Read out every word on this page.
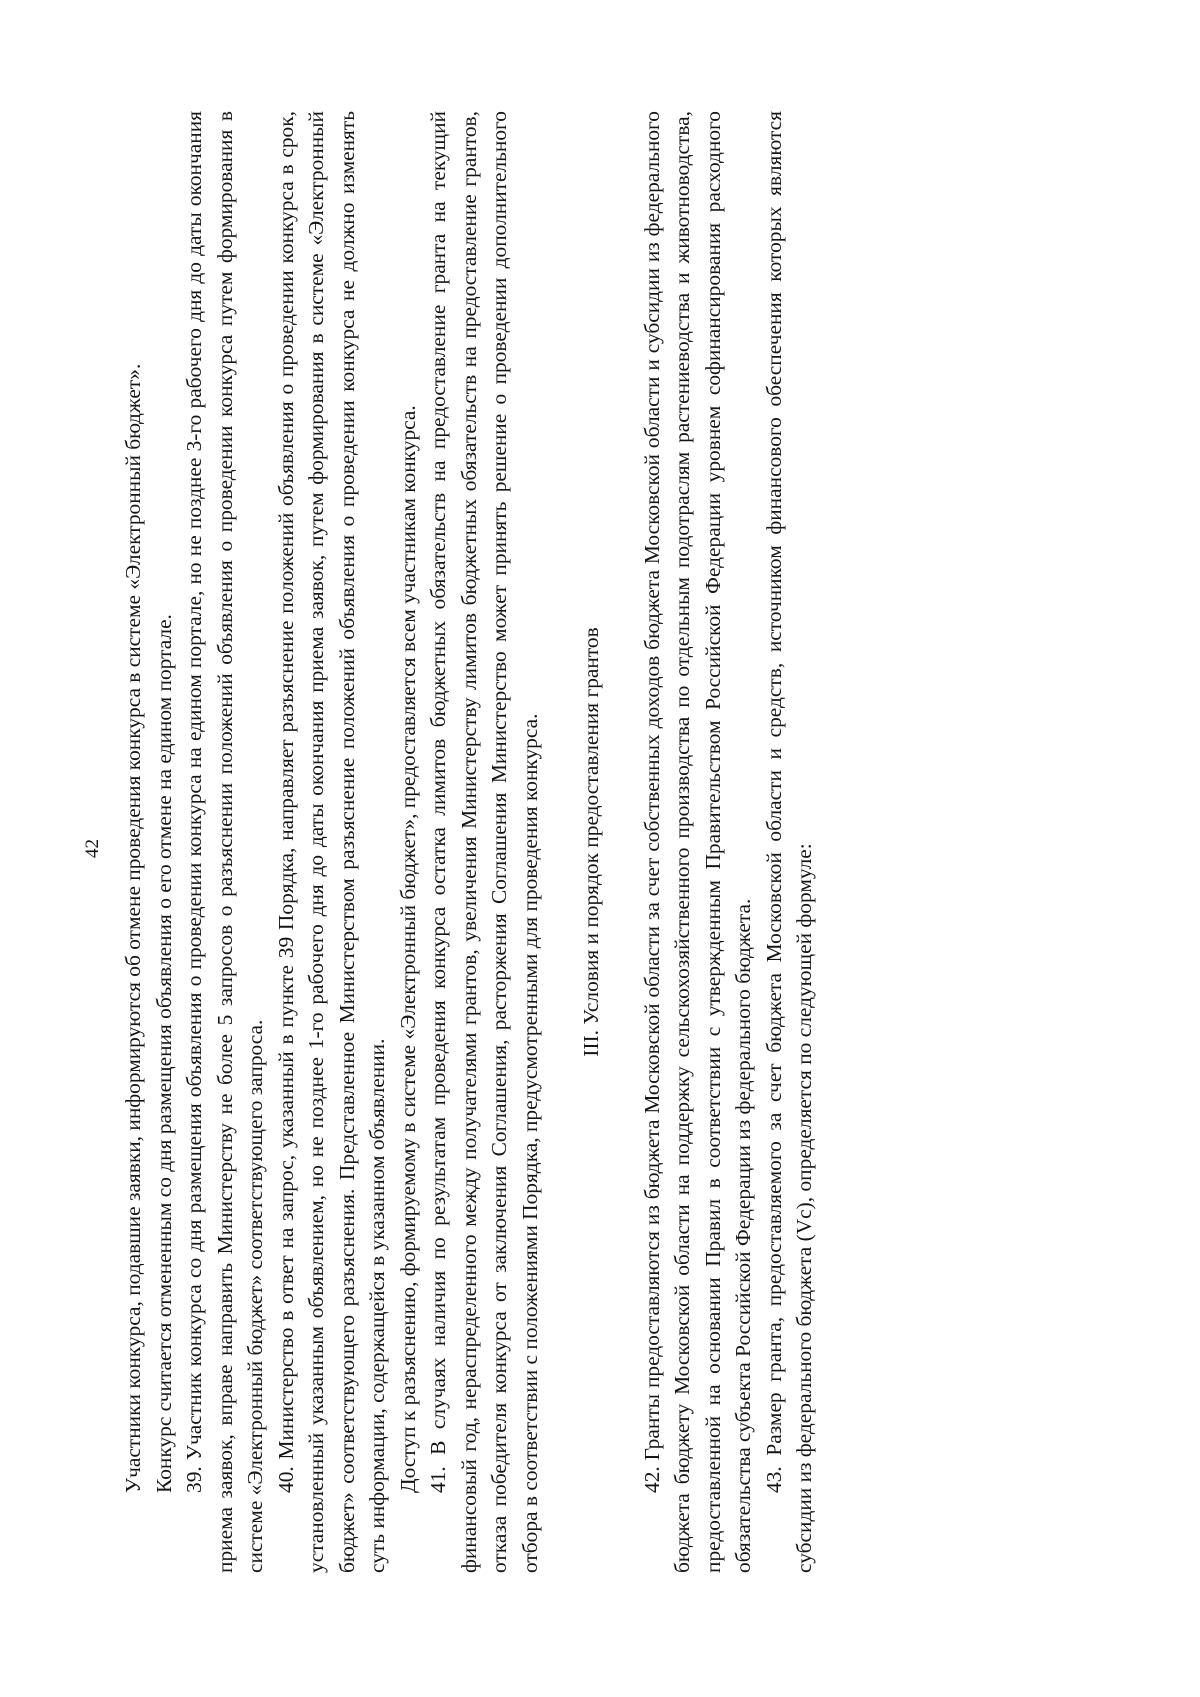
42 Участники конкурса, подавшие заявки, информируются об отмене проведения конкурса в системе «Электронный бюджет». Конкурс считается отмененным со дня размещения объявления о его отмене на едином портале. 39. Участник конкурса со дня размещения объявления о проведении конкурса на едином портале, но не позднее 3-го рабочего дня до даты окончания приема заявок, вправе направить Министерству не более 5 запросов о разъяснении положений объявления о проведении конкурса путем формирования в системе «Электронный бюджет» соответствующего запроса. 40. Министерство в ответ на запрос, указанный в пункте 39 Порядка, направляет разъяснение положений объявления о проведении конкурса в срок, установленный указанным объявлением, но не позднее 1-го рабочего дня до даты окончания приема заявок, путем формирования в системе «Электронный бюджет» соответствующего разъяснения. Представленное Министерством разъяснение положений объявления о проведении конкурса не должно изменять суть информации, содержащейся в указанном объявлении. Доступ к разъяснению, формируемому в системе «Электронный бюджет», предоставляется всем участникам конкурса. 41. В случаях наличия по результатам проведения конкурса остатка лимитов бюджетных обязательств на предоставление гранта на текущий финансовый год, нераспределенного между получателями грантов, увеличения Министерству лимитов бюджетных обязательств на предоставление грантов, отказа победителя конкурса от заключения Соглашения, расторжения Соглашения Министерство может принять решение о проведении дополнительного отбора в соответствии с положениями Порядка, предусмотренными для проведения конкурса. III. Условия и порядок предоставления грантов 42. Гранты предоставляются из бюджета Московской области за счет собственных доходов бюджета Московской области и субсидии из федерального бюджета бюджету Московской области на поддержку сельскохозяйственного производства по отдельным подотраслям растениеводства и животноводства, предоставленной на основании Правил в соответствии с утвержденным Правительством Российской Федерации уровнем софинансирования расходного обязательства субъекта Российской Федерации из федерального бюджета. 43. Размер гранта, предоставляемого за счет бюджета Московской области и средств, источником финансового обеспечения которых являются субсидии из федерального бюджета (Vc), определяется по следующей формуле:
